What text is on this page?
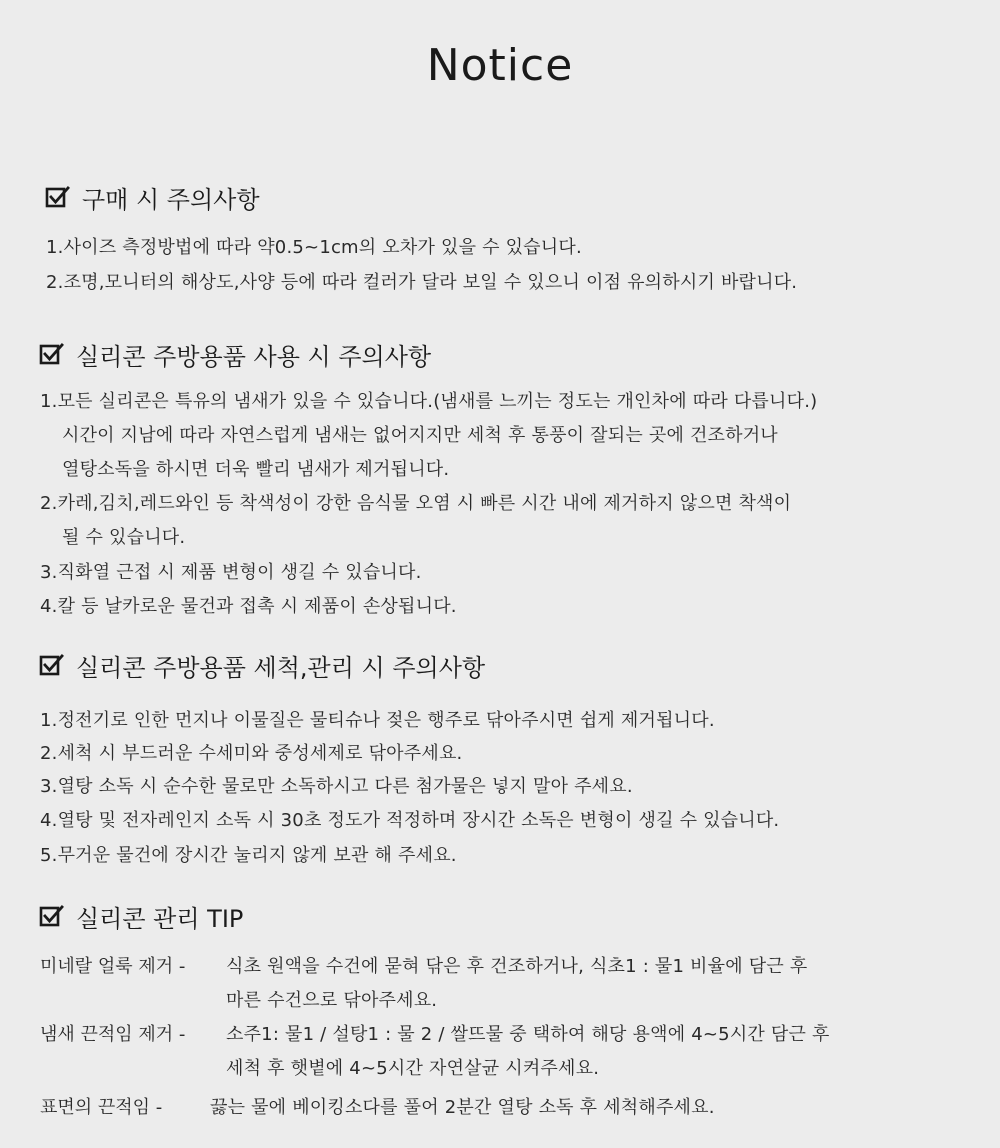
Notice
구매 시 주의사항
1.사이즈 측정방법에 따라 약0.5~1cm의 오차가 있을 수 있습니다.
2.조명,모니터의 해상도,사양 등에 따라 컬러가 달라 보일 수 있으니 이점 유의하시기 바랍니다.
실리콘 주방용품 사용 시 주의사항
1.모든 실리콘은 특유의 냄새가 있을 수 있습니다.(냄새를 느끼는 정도는 개인차에 따라 다릅니다.)
시간이 지남에 따라 자연스럽게 냄새는 없어지지만 세척 후 통풍이 잘되는 곳에 건조하거나
열탕소독을 하시면 더욱 빨리 냄새가 제거됩니다.
2.카레,김치,레드와인 등 착색성이 강한 음식물 오염 시 빠른 시간 내에 제거하지 않으면 착색이
될 수 있습니다.
3.직화열 근접 시 제품 변형이 생길 수 있습니다.
4.칼 등 날카로운 물건과 접촉 시 제품이 손상됩니다.
실리콘 주방용품 세척,관리 시 주의사항
1.정전기로 인한 먼지나 이물질은 물티슈나 젖은 행주로 닦아주시면 쉽게 제거됩니다.
2.세척 시 부드러운 수세미와 중성세제로 닦아주세요.
3.열탕 소독 시 순수한 물로만 소독하시고 다른 첨가물은 넣지 말아 주세요.
4.열탕 및 전자레인지 소독 시 30초 정도가 적정하며 장시간 소독은 변형이 생길 수 있습니다.
5.무거운 물건에 장시간 눌리지 않게 보관 해 주세요.
실리콘 관리 TIP
미네랄 얼룩 제거 - 식초 원액을 수건에 묻혀 닦은 후 건조하거나, 식초1 : 물1 비율에 담근 후
마른 수건으로 닦아주세요.
냄새 끈적임 제거 - 소주1: 물1 / 설탕1 : 물 2 / 쌀뜨물 중 택하여 해당 용액에 4~5시간 담근 후
세척 후 햇볕에 4~5시간 자연살균 시켜주세요.
표면의 끈적임 -	끓는 물에 베이킹소다를 풀어 2분간 열탕 소독 후 세척해주세요.
